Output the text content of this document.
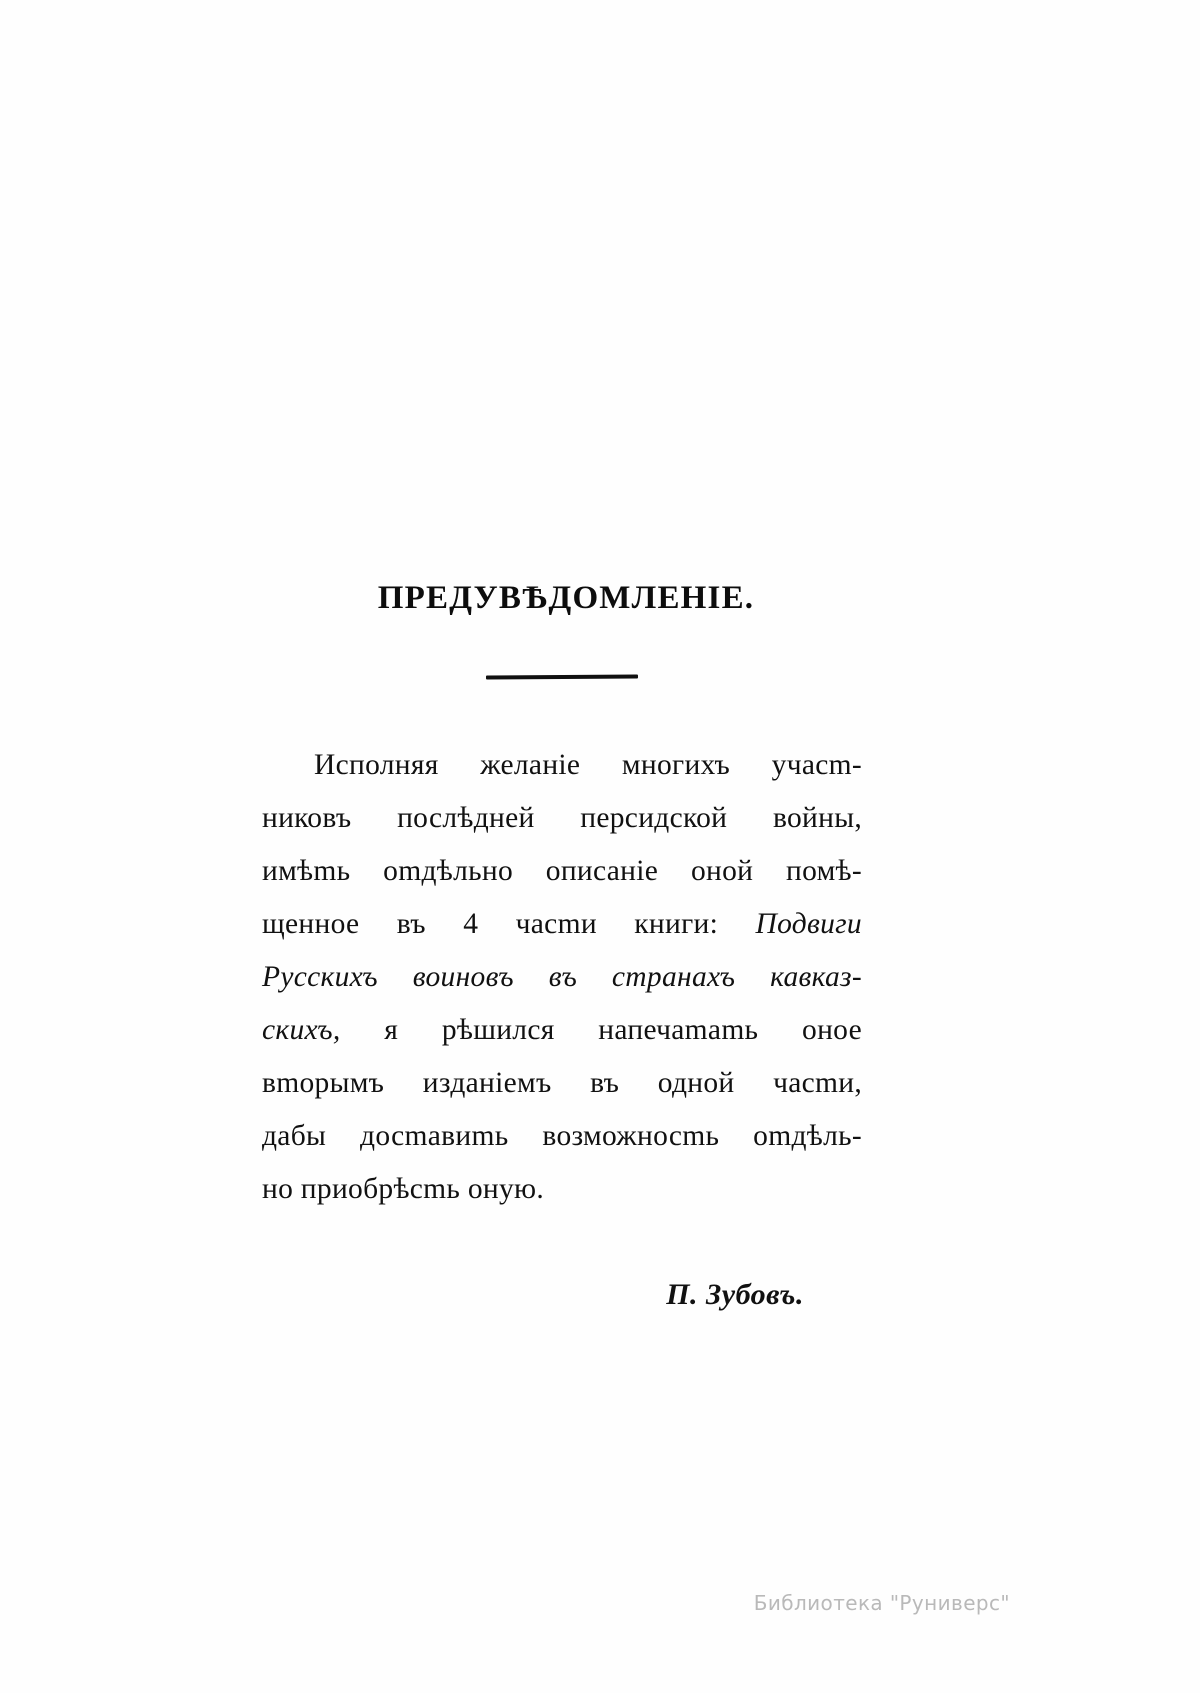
ПРЕДУВѢДОМЛЕНІЕ.
Исполняя желаніе многихъ учасm-
никовъ послѣдней персидской войны,
имѣmь оmдѣльно описаніе оной помѣ-
щенное въ 4 часmи книги: Подвиги
Русскихъ воиновъ въ странахъ кавказ-
скихъ, я рѣшился напечаmаmь оное
вmорымъ изданіемъ въ одной часmи,
дабы досmавиmь возможносmь оmдѣль-
но приобрѣсmь оную.
П. Зубовъ.
Библиотека "Руниверс"
